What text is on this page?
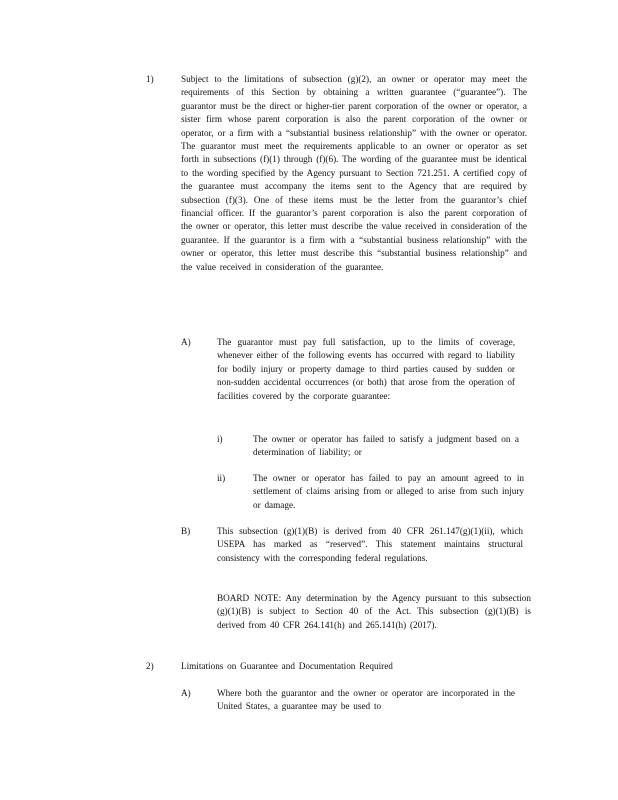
1)	Subject to the limitations of subsection (g)(2), an owner or operator may meet the requirements of this Section by obtaining a written guarantee (“guarantee”). The guarantor must be the direct or higher-tier parent corporation of the owner or operator, a sister firm whose parent corporation is also the parent corporation of the owner or operator, or a firm with a “substantial business relationship” with the owner or operator. The guarantor must meet the requirements applicable to an owner or operator as set forth in subsections (f)(1) through (f)(6). The wording of the guarantee must be identical to the wording specified by the Agency pursuant to Section 721.251. A certified copy of the guarantee must accompany the items sent to the Agency that are required by subsection (f)(3). One of these items must be the letter from the guarantor’s chief financial officer. If the guarantor’s parent corporation is also the parent corporation of the owner or operator, this letter must describe the value received in consideration of the guarantee. If the guarantor is a firm with a “substantial business relationship” with the owner or operator, this letter must describe this “substantial business relationship” and the value received in consideration of the guarantee.

A)	The guarantor must pay full satisfaction, up to the limits of coverage, whenever either of the following events has occurred with regard to liability for bodily injury or property damage to third parties caused by sudden or non-sudden accidental occurrences (or both) that arose from the operation of facilities covered by the corporate guarantee:

i)	The owner or operator has failed to satisfy a judgment based on a determination of liability; or

ii)	The owner or operator has failed to pay an amount agreed to in settlement of claims arising from or alleged to arise from such injury or damage.

B)	This subsection (g)(1)(B) is derived from 40 CFR 261.147(g)(1)(ii), which USEPA has marked as “reserved”. This statement maintains structural consistency with the corresponding federal regulations.

BOARD NOTE: Any determination by the Agency pursuant to this subsection (g)(1)(B) is subject to Section 40 of the Act. This subsection (g)(1)(B) is derived from 40 CFR 264.141(h) and 265.141(h) (2017).

2)	Limitations on Guarantee and Documentation Required

A)	Where both the guarantor and the owner or operator are incorporated in the United States, a guarantee may be used to
